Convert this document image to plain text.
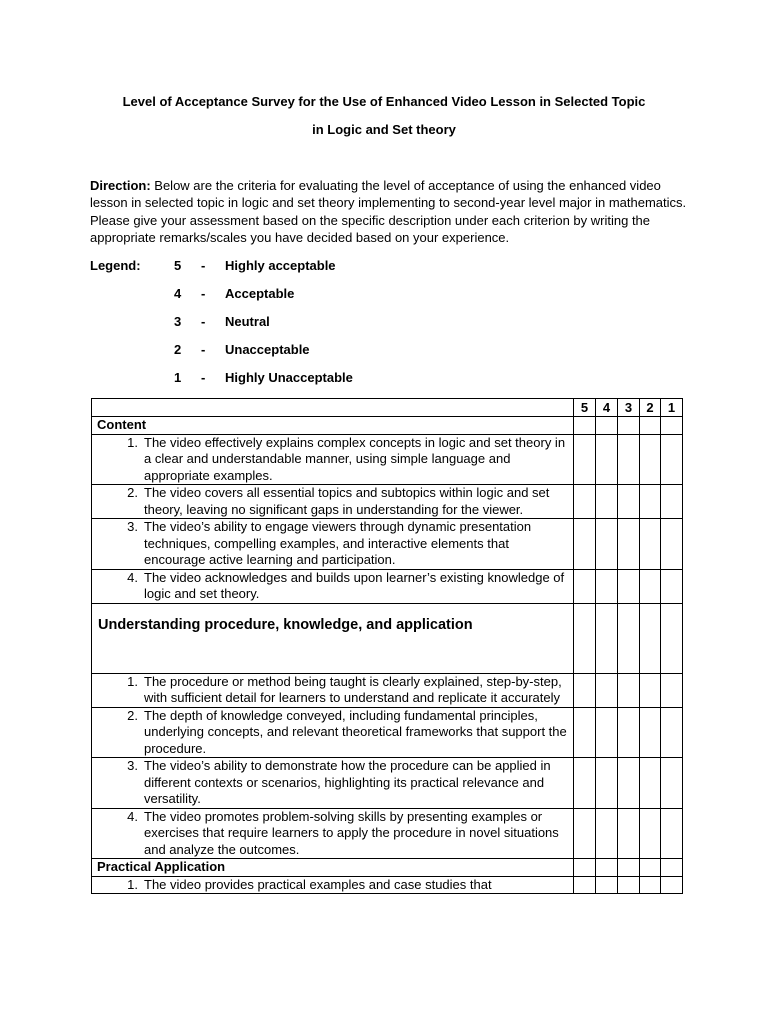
Level of Acceptance Survey for the Use of Enhanced Video Lesson in Selected Topic
in Logic and Set theory
Direction: Below are the criteria for evaluating the level of acceptance of using the enhanced video lesson in selected topic in logic and set theory implementing to second-year level major in mathematics. Please give your assessment based on the specific description under each criterion by writing the appropriate remarks/scales you have decided based on your experience.
Legend:	5 - Highly acceptable
4 - Acceptable
3 - Neutral
2 - Unacceptable
1 - Highly Unacceptable
	5	4	3	2	1
Content					

1. The video effectively explains complex concepts in logic and set theory in a clear and understandable manner, using simple language and appropriate examples.					

2. The video covers all essential topics and subtopics within logic and set theory, leaving no significant gaps in understanding for the viewer.					

3. The video’s ability to engage viewers through dynamic presentation techniques, compelling examples, and interactive elements that encourage active learning and participation.					

4. The video acknowledges and builds upon learner’s existing knowledge of logic and set theory.					

Understanding procedure, knowledge, and application					

1. The procedure or method being taught is clearly explained, step-by-step, with sufficient detail for learners to understand and replicate it accurately					

2. The depth of knowledge conveyed, including fundamental principles, underlying concepts, and relevant theoretical frameworks that support the procedure.					

3. The video’s ability to demonstrate how the procedure can be applied in different contexts or scenarios, highlighting its practical relevance and versatility.					

4. The video promotes problem-solving skills by presenting examples or exercises that require learners to apply the procedure in novel situations and analyze the outcomes.					

Practical Application					

1. The video provides practical examples and case studies that					
